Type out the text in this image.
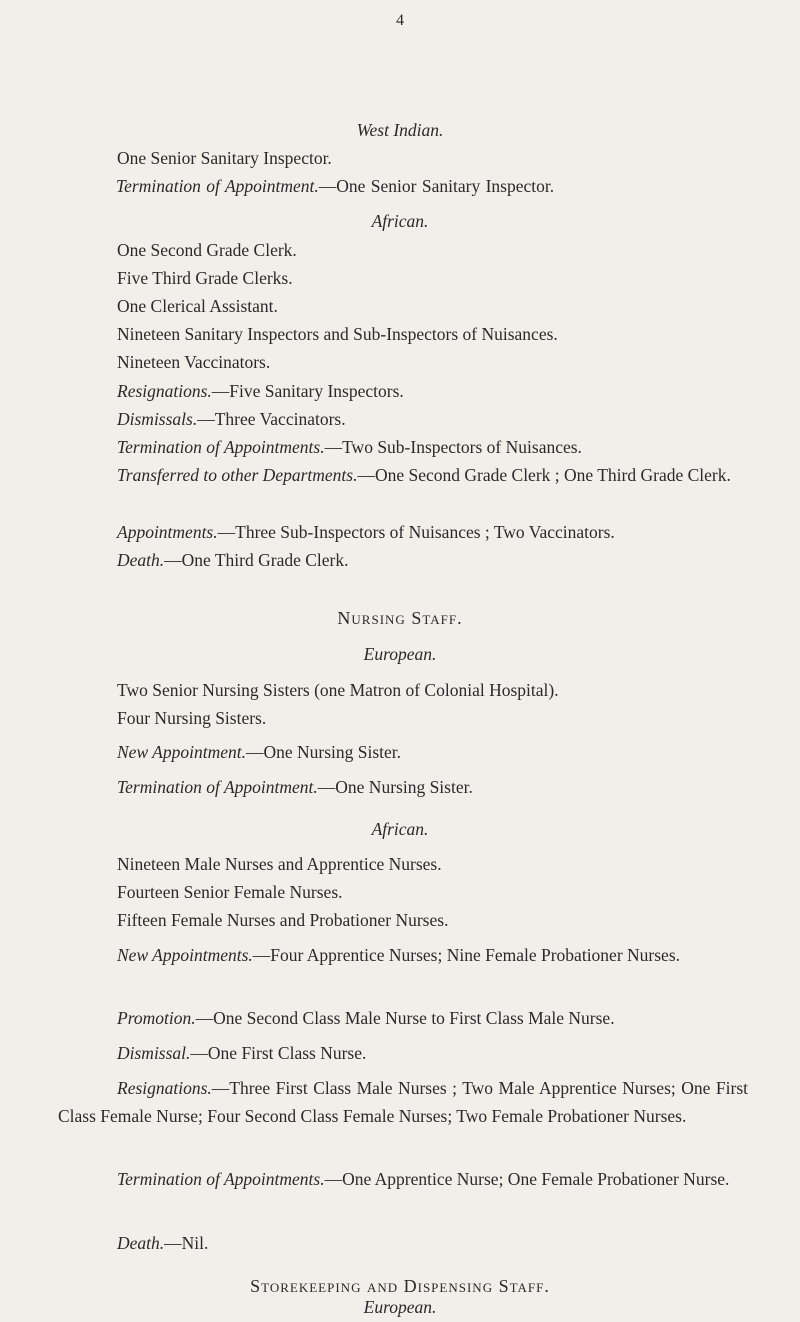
4
West Indian.
One Senior Sanitary Inspector.
Termination of Appointment.—One Senior Sanitary Inspector.
African.
One Second Grade Clerk.
Five Third Grade Clerks.
One Clerical Assistant.
Nineteen Sanitary Inspectors and Sub-Inspectors of Nuisances.
Nineteen Vaccinators.
Resignations.—Five Sanitary Inspectors.
Dismissals.—Three Vaccinators.
Termination of Appointments.—Two Sub-Inspectors of Nuisances.
Transferred to other Departments.—One Second Grade Clerk ; One Third Grade Clerk.
Appointments.—Three Sub-Inspectors of Nuisances ; Two Vaccinators.
Death.—One Third Grade Clerk.
Nursing Staff.
European.
Two Senior Nursing Sisters (one Matron of Colonial Hospital).
Four Nursing Sisters.
New Appointment.—One Nursing Sister.
Termination of Appointment.—One Nursing Sister.
African.
Nineteen Male Nurses and Apprentice Nurses.
Fourteen Senior Female Nurses.
Fifteen Female Nurses and Probationer Nurses.
New Appointments.—Four Apprentice Nurses; Nine Female Probationer Nurses.
Promotion.—One Second Class Male Nurse to First Class Male Nurse.
Dismissal.—One First Class Nurse.
Resignations.—Three First Class Male Nurses ; Two Male Apprentice Nurses; One First Class Female Nurse; Four Second Class Female Nurses; Two Female Probationer Nurses.
Termination of Appointments.—One Apprentice Nurse; One Female Probationer Nurse.
Death.—Nil.
Storekeeping and Dispensing Staff.
European.
